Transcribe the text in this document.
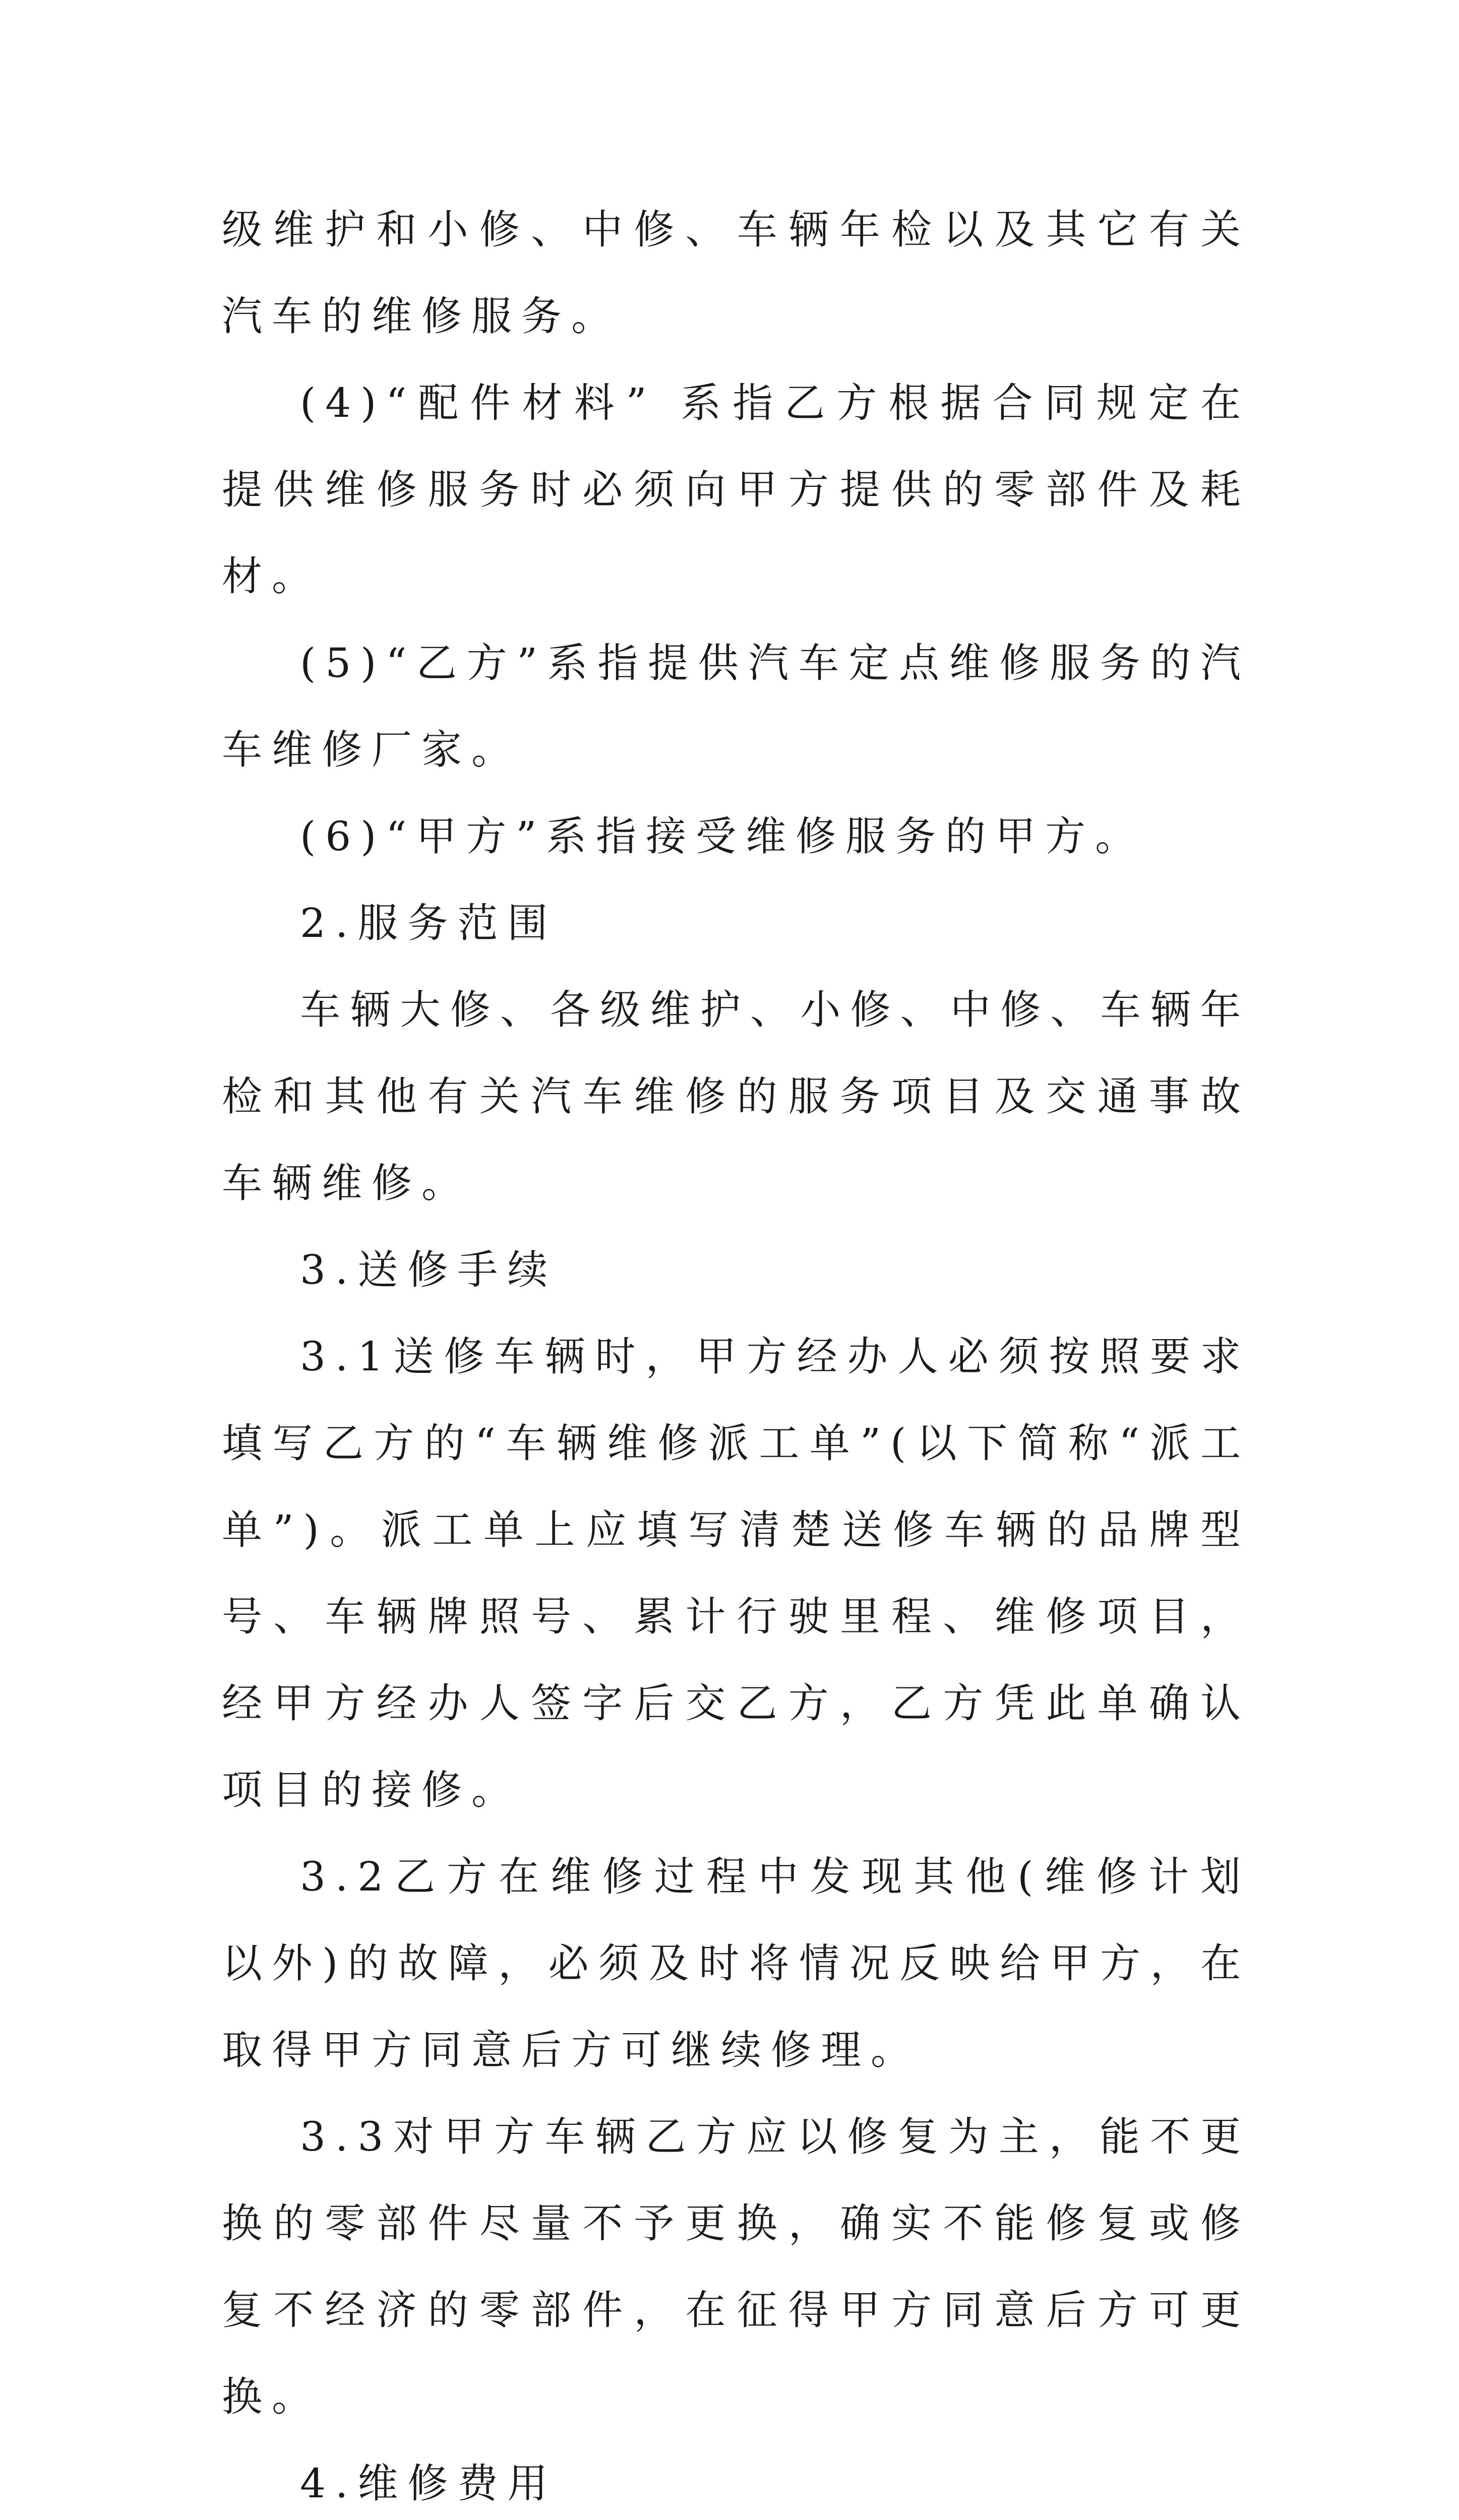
级维护和小修、中修、车辆年检以及其它有关汽车的维修服务。

(4)“配件材料” 系指乙方根据合同规定在提供维修服务时必须向甲方提供的零部件及耗材。

(5)“乙方”系指提供汽车定点维修服务的汽车维修厂家。

(6)“甲方”系指接受维修服务的甲方。

2.服务范围

车辆大修、各级维护、小修、中修、车辆年检和其他有关汽车维修的服务项目及交通事故车辆维修。

3.送修手续

3.1送修车辆时，甲方经办人必须按照要求填写乙方的“车辆维修派工单”(以下简称“派工单”)。派工单上应填写清楚送修车辆的品牌型号、车辆牌照号、累计行驶里程、维修项目，经甲方经办人签字后交乙方，乙方凭此单确认项目的接修。

3.2乙方在维修过程中发现其他(维修计划以外)的故障，必须及时将情况反映给甲方，在取得甲方同意后方可继续修理。

3.3对甲方车辆乙方应以修复为主，能不更换的零部件尽量不予更换，确实不能修复或修复不经济的零部件，在征得甲方同意后方可更换。

4.维修费用
